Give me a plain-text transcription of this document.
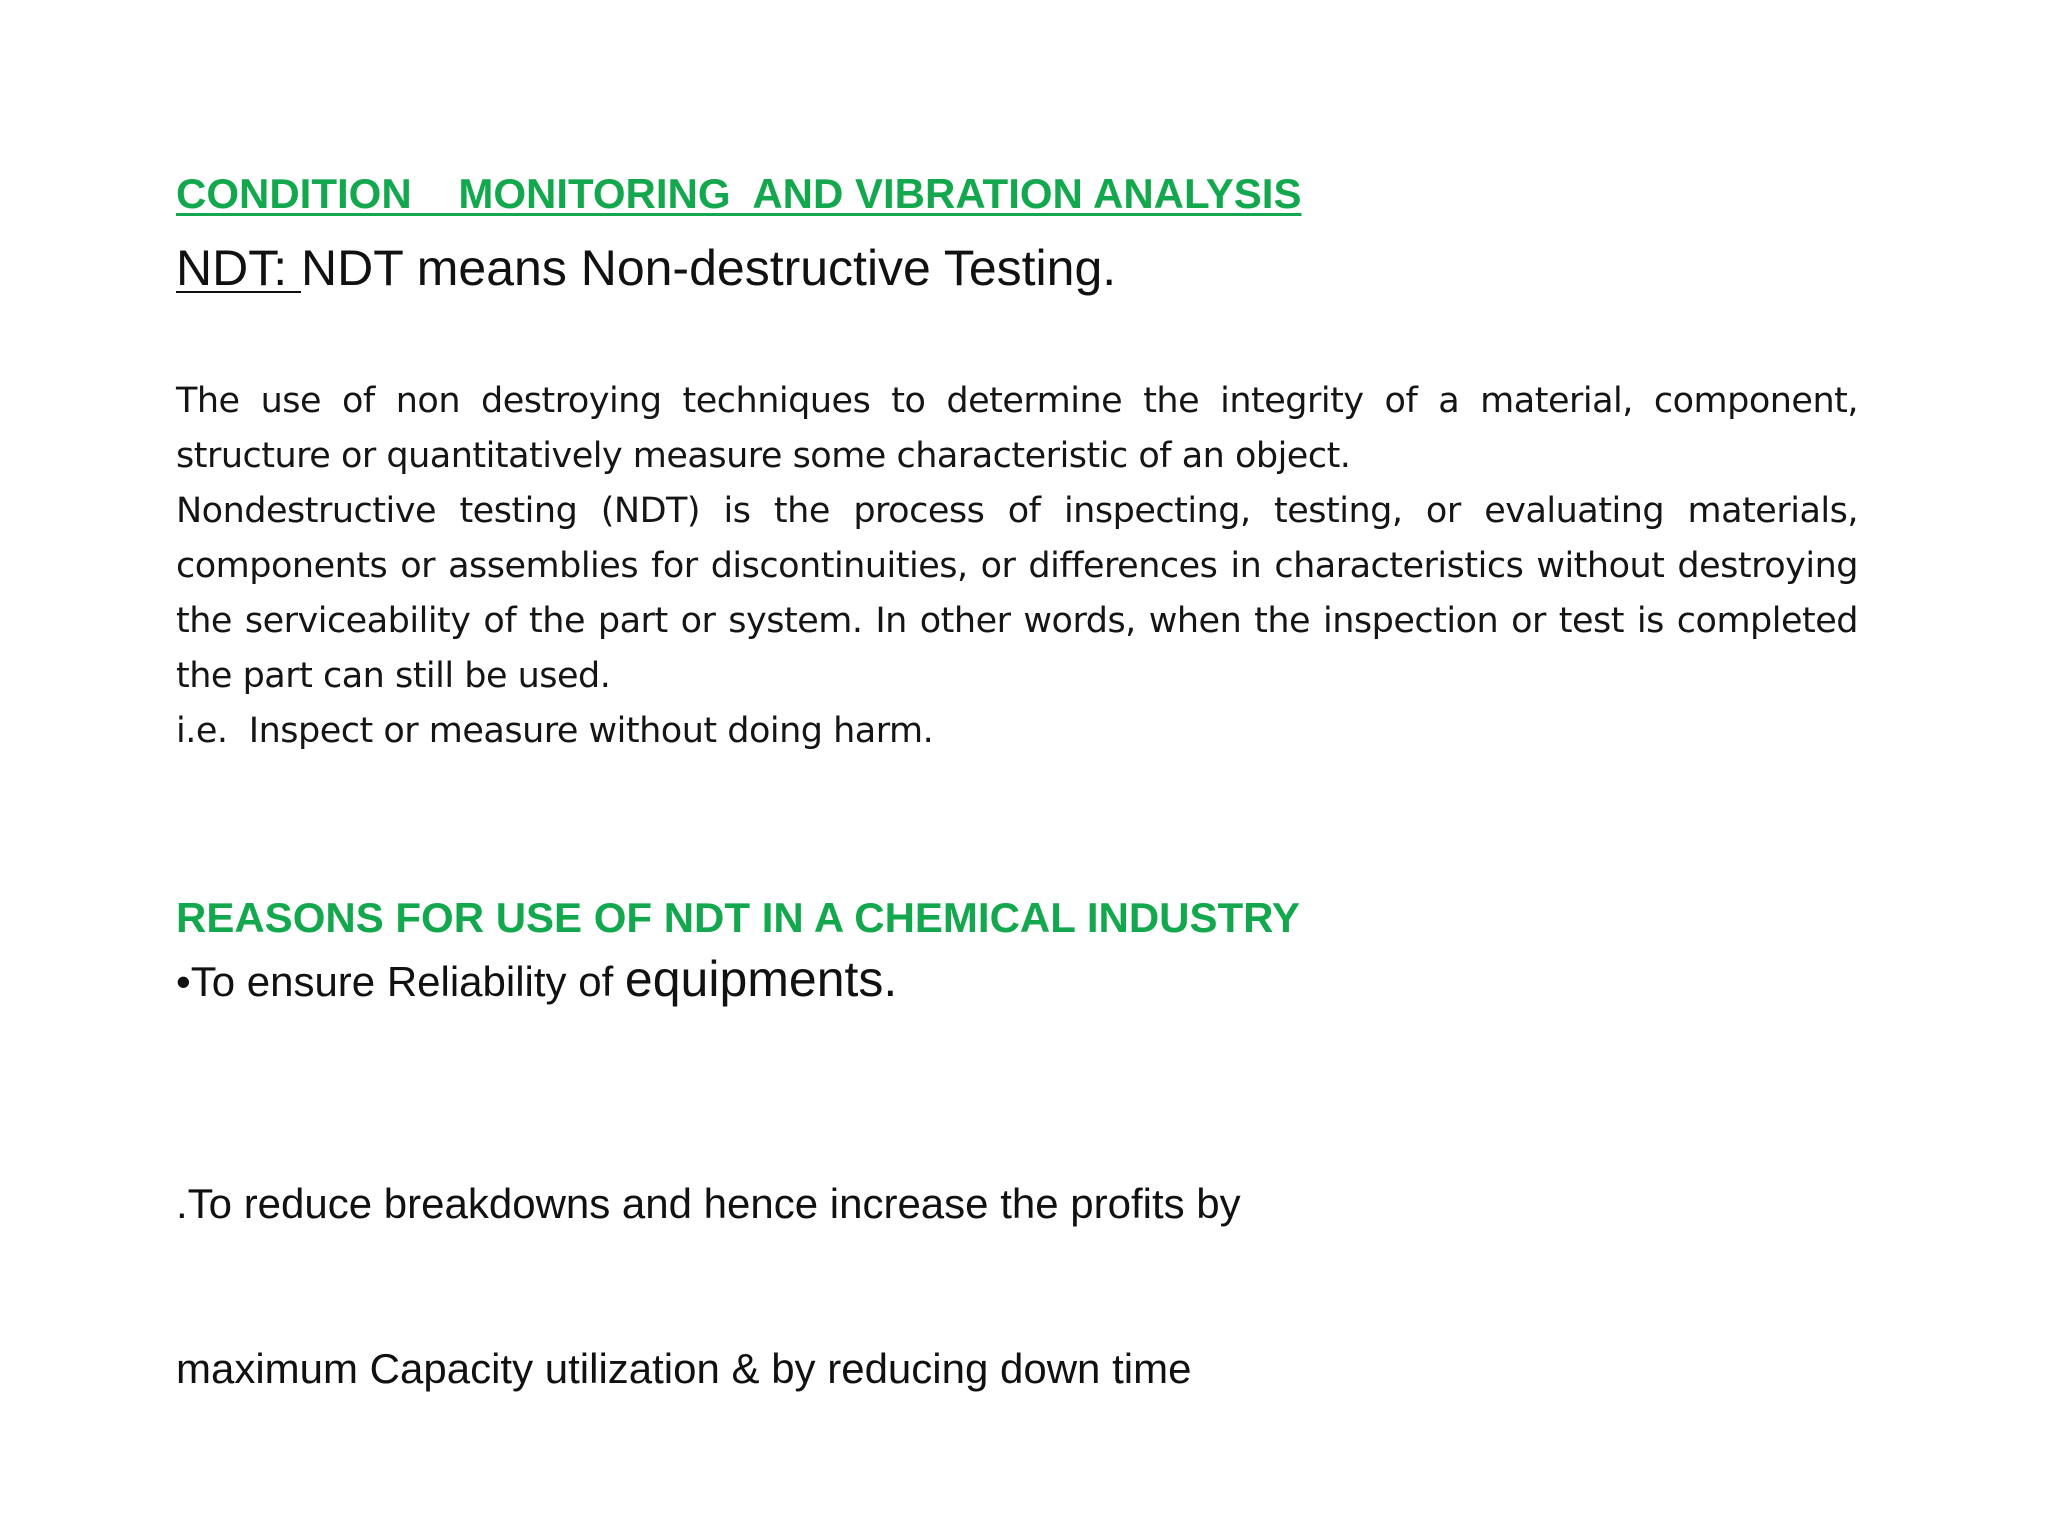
CONDITION    MONITORING  AND VIBRATION ANALYSIS

NDT: NDT means Non-destructive Testing.

The use of non destroying techniques to determine the integrity of a material, component, structure or quantitatively measure some characteristic of an object.

Nondestructive testing (NDT) is the process of inspecting, testing, or evaluating materials, components or assemblies for discontinuities, or differences in characteristics without destroying the serviceability of the part or system. In other words, when the inspection or test is completed the part can still be used.

i.e.  Inspect or measure without doing harm.

REASONS FOR USE OF NDT IN A CHEMICAL INDUSTRY

•To ensure Reliability of equipments.

.To reduce breakdowns and hence increase the profits by

maximum Capacity utilization & by reducing down time
